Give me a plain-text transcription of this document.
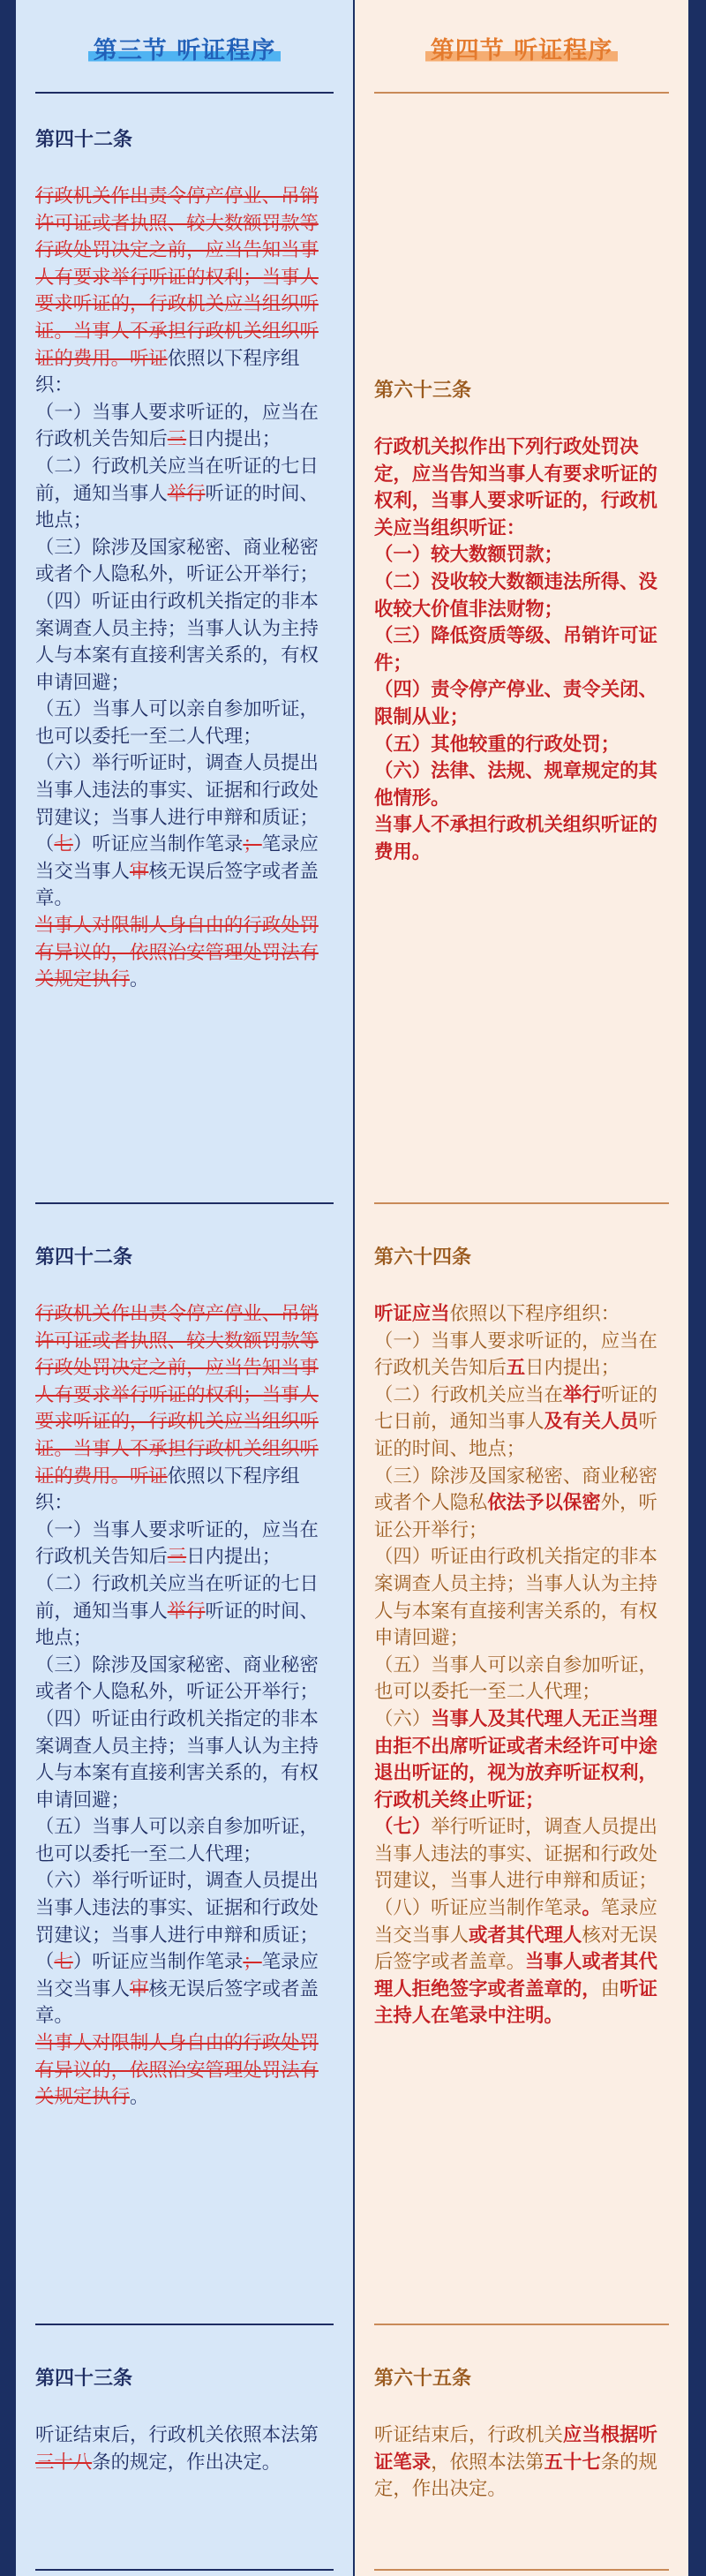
第三节 听证程序
第四十二条
行政机关作出责令停产停业、吊销许可证或者执照、较大数额罚款等行政处罚决定之前，应当告知当事人有要求举行听证的权利；当事人要求听证的，行政机关应当组织听证。当事人不承担行政机关组织听证的费用。听证依照以下程序组织：
（一）当事人要求听证的，应当在行政机关告知后三日内提出；
（二）行政机关应当在听证的七日前，通知当事人举行听证的时间、地点；
（三）除涉及国家秘密、商业秘密或者个人隐私外，听证公开举行；
（四）听证由行政机关指定的非本案调查人员主持；当事人认为主持人与本案有直接利害关系的，有权申请回避；
（五）当事人可以亲自参加听证，也可以委托一至二人代理；
（六）举行听证时，调查人员提出当事人违法的事实、证据和行政处罚建议；当事人进行申辩和质证；
（七）听证应当制作笔录；笔录应当交当事人审核无误后签字或者盖章。
当事人对限制人身自由的行政处罚有异议的，依照治安管理处罚法有关规定执行。
第四十二条
行政机关作出责令停产停业、吊销许可证或者执照、较大数额罚款等行政处罚决定之前，应当告知当事人有要求举行听证的权利；当事人要求听证的，行政机关应当组织听证。当事人不承担行政机关组织听证的费用。听证依照以下程序组织：
（一）当事人要求听证的，应当在行政机关告知后三日内提出；
（二）行政机关应当在听证的七日前，通知当事人举行听证的时间、地点；
（三）除涉及国家秘密、商业秘密或者个人隐私外，听证公开举行；
（四）听证由行政机关指定的非本案调查人员主持；当事人认为主持人与本案有直接利害关系的，有权申请回避；
（五）当事人可以亲自参加听证，也可以委托一至二人代理；
（六）举行听证时，调查人员提出当事人违法的事实、证据和行政处罚建议；当事人进行申辩和质证；
（七）听证应当制作笔录；笔录应当交当事人审核无误后签字或者盖章。
当事人对限制人身自由的行政处罚有异议的，依照治安管理处罚法有关规定执行。
第四十三条
听证结束后，行政机关依照本法第三十八条的规定，作出决定。
第四节 听证程序
第六十三条
行政机关拟作出下列行政处罚决定，应当告知当事人有要求听证的权利，当事人要求听证的，行政机关应当组织听证：
（一）较大数额罚款；
（二）没收较大数额违法所得、没收较大价值非法财物；
（三）降低资质等级、吊销许可证件；
（四）责令停产停业、责令关闭、限制从业；
（五）其他较重的行政处罚；
（六）法律、法规、规章规定的其他情形。
当事人不承担行政机关组织听证的费用。
第六十四条
听证应当依照以下程序组织：
（一）当事人要求听证的，应当在行政机关告知后五日内提出；
（二）行政机关应当在举行听证的七日前，通知当事人及有关人员听证的时间、地点；
（三）除涉及国家秘密、商业秘密或者个人隐私依法予以保密外，听证公开举行；
（四）听证由行政机关指定的非本案调查人员主持；当事人认为主持人与本案有直接利害关系的，有权申请回避；
（五）当事人可以亲自参加听证，也可以委托一至二人代理；
（六）当事人及其代理人无正当理由拒不出席听证或者未经许可中途退出听证的，视为放弃听证权利，行政机关终止听证；
（七）举行听证时，调查人员提出当事人违法的事实、证据和行政处罚建议，当事人进行申辩和质证；
（八）听证应当制作笔录。笔录应当交当事人或者其代理人核对无误后签字或者盖章。当事人或者其代理人拒绝签字或者盖章的，由听证主持人在笔录中注明。
第六十五条
听证结束后，行政机关应当根据听证笔录，依照本法第五十七条的规定，作出决定。
